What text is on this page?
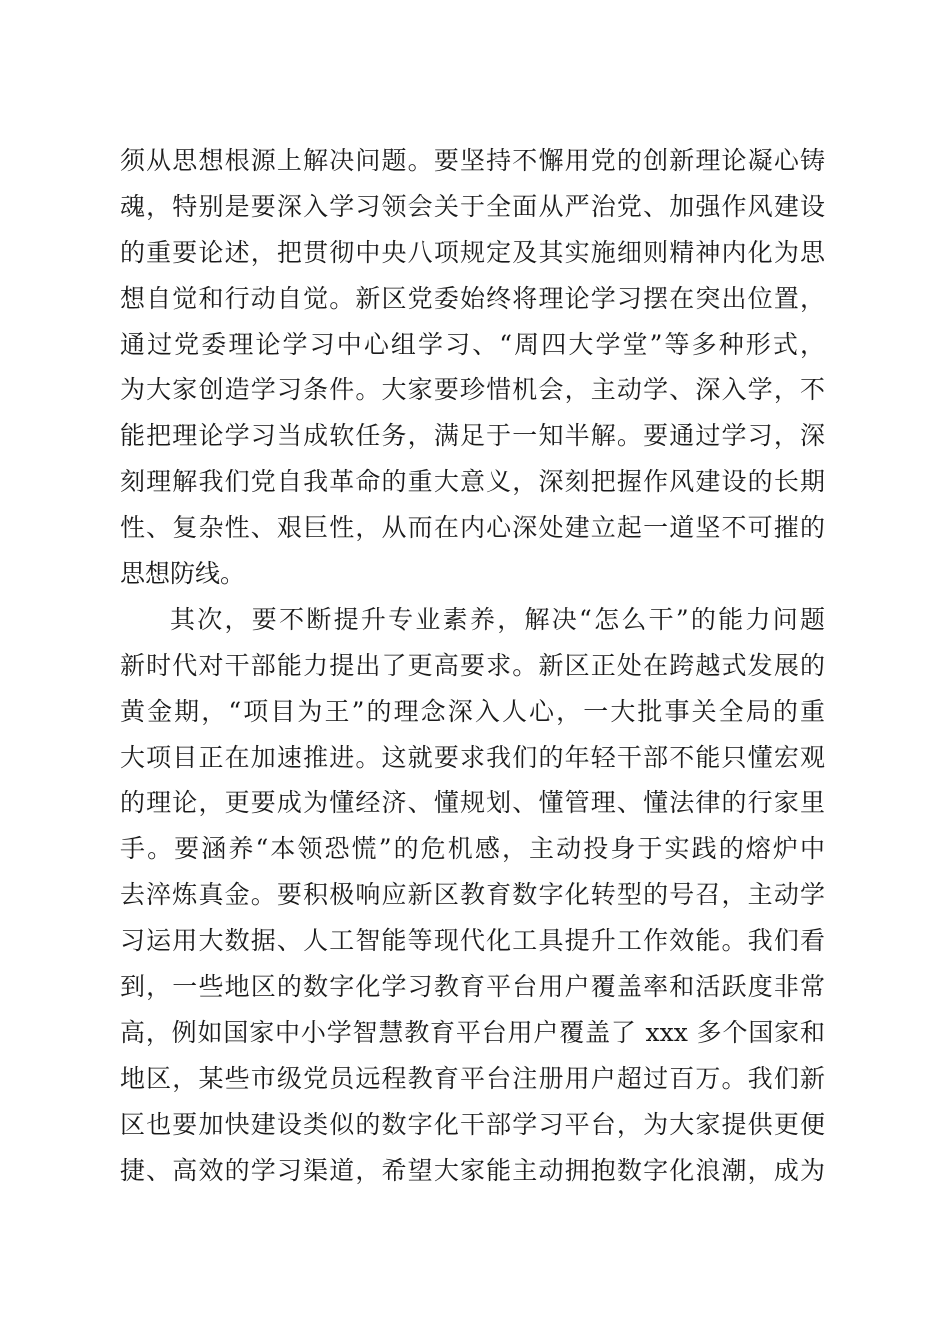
须从思想根源上解决问题。要坚持不懈用党的创新理论凝心铸
魂，特别是要深入学习领会关于全面从严治党、加强作风建设
的重要论述，把贯彻中央八项规定及其实施细则精神内化为思
想自觉和行动自觉。新区党委始终将理论学习摆在突出位置，
通过党委理论学习中心组学习、“周四大学堂”等多种形式，
为大家创造学习条件。大家要珍惜机会，主动学、深入学，不
能把理论学习当成软任务，满足于一知半解。要通过学习，深
刻理解我们党自我革命的重大意义，深刻把握作风建设的长期
性、复杂性、艰巨性，从而在内心深处建立起一道坚不可摧的
思想防线。
其次，要不断提升专业素养，解决“怎么干”的能力问题
新时代对干部能力提出了更高要求。新区正处在跨越式发展的
黄金期，“项目为王”的理念深入人心，一大批事关全局的重
大项目正在加速推进。这就要求我们的年轻干部不能只懂宏观
的理论，更要成为懂经济、懂规划、懂管理、懂法律的行家里
手。要涵养“本领恐慌”的危机感，主动投身于实践的熔炉中
去淬炼真金。要积极响应新区教育数字化转型的号召，主动学
习运用大数据、人工智能等现代化工具提升工作效能。我们看
到，一些地区的数字化学习教育平台用户覆盖率和活跃度非常
高，例如国家中小学智慧教育平台用户覆盖了 xxx 多个国家和
地区，某些市级党员远程教育平台注册用户超过百万。我们新
区也要加快建设类似的数字化干部学习平台，为大家提供更便
捷、高效的学习渠道，希望大家能主动拥抱数字化浪潮，成为
